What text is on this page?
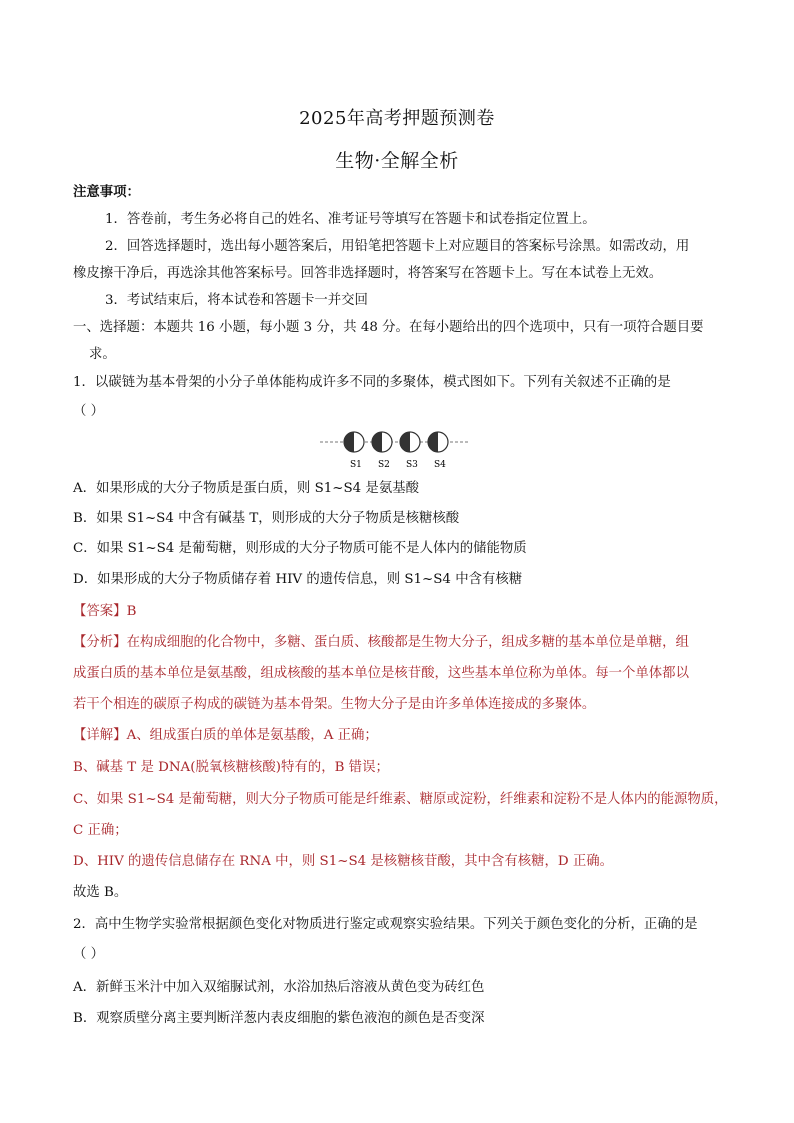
2025年高考押题预测卷
生物·全解全析
注意事项：
1．答卷前，考生务必将自己的姓名、准考证号等填写在答题卡和试卷指定位置上。
2．回答选择题时，选出每小题答案后，用铅笔把答题卡上对应题目的答案标号涂黑。如需改动，用
橡皮擦干净后，再选涂其他答案标号。回答非选择题时，将答案写在答题卡上。写在本试卷上无效。
3．考试结束后，将本试卷和答题卡一并交回
一、选择题：本题共 16 小题，每小题 3 分，共 48 分。在每小题给出的四个选项中，只有一项符合题目要
求。
1．以碳链为基本骨架的小分子单体能构成许多不同的多聚体，模式图如下。下列有关叙述不正确的是
（ ）
S1 S2 S3 S4
A．如果形成的大分子物质是蛋白质，则 S1~S4 是氨基酸
B．如果 S1~S4 中含有碱基 T，则形成的大分子物质是核糖核酸
C．如果 S1~S4 是葡萄糖，则形成的大分子物质可能不是人体内的储能物质
D．如果形成的大分子物质储存着 HIV 的遗传信息，则 S1~S4 中含有核糖
【答案】B
【分析】在构成细胞的化合物中，多糖、蛋白质、核酸都是生物大分子，组成多糖的基本单位是单糖，组
成蛋白质的基本单位是氨基酸，组成核酸的基本单位是核苷酸，这些基本单位称为单体。每一个单体都以
若干个相连的碳原子构成的碳链为基本骨架。生物大分子是由许多单体连接成的多聚体。
【详解】A、组成蛋白质的单体是氨基酸，A 正确；
B、碱基 T 是 DNA(脱氧核糖核酸)特有的，B 错误；
C、如果 S1~S4 是葡萄糖，则大分子物质可能是纤维素、糖原或淀粉，纤维素和淀粉不是人体内的能源物质，
C 正确；
D、HIV 的遗传信息储存在 RNA 中，则 S1~S4 是核糖核苷酸，其中含有核糖，D 正确。
故选 B。
2．高中生物学实验常根据颜色变化对物质进行鉴定或观察实验结果。下列关于颜色变化的分析，正确的是
（ ）
A．新鲜玉米汁中加入双缩脲试剂，水浴加热后溶液从黄色变为砖红色
B．观察质壁分离主要判断洋葱内表皮细胞的紫色液泡的颜色是否变深
